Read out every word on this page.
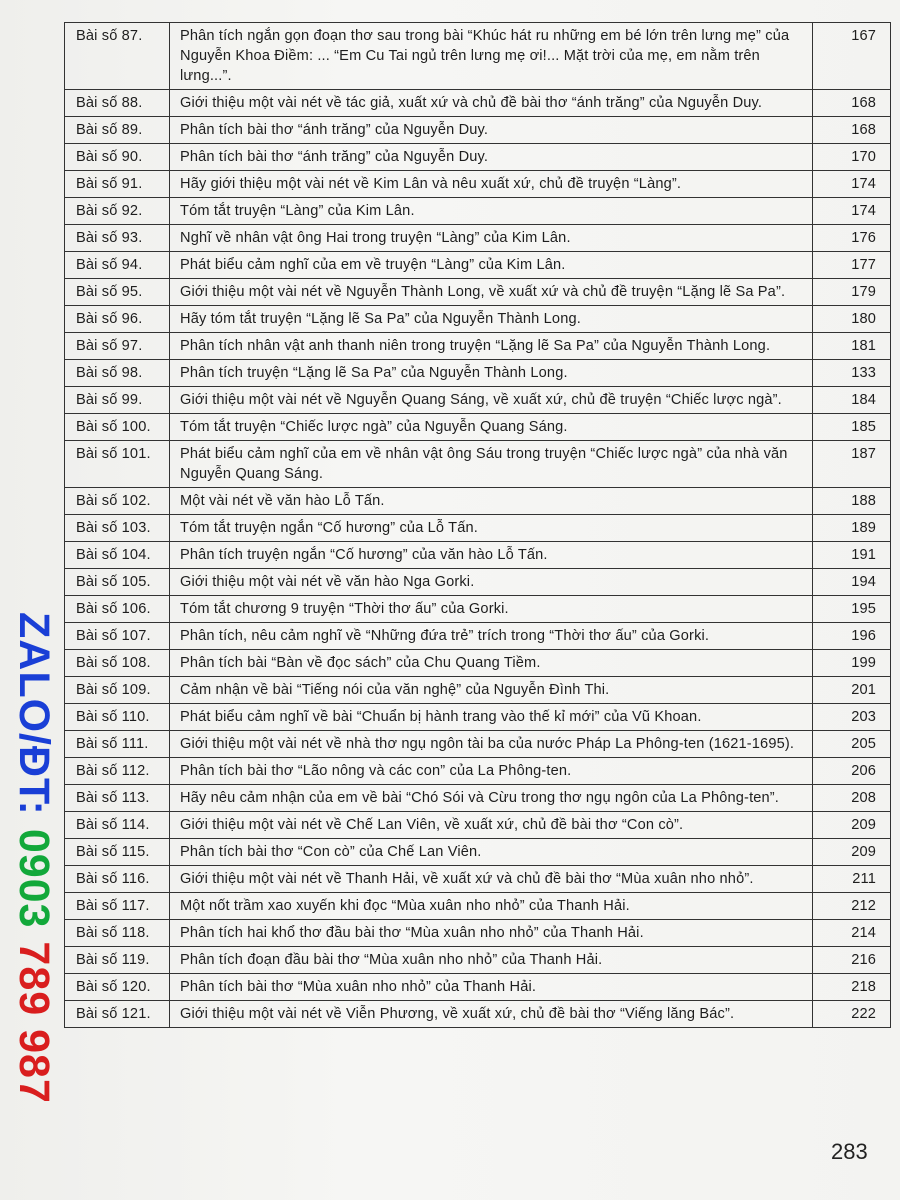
Bài số 87.	Phân tích ngắn gọn đoạn thơ sau trong bài “Khúc hát ru những em bé lớn trên lưng mẹ” của Nguyễn Khoa Điềm: ... “Em Cu Tai ngủ trên lưng mẹ ơi!... Mặt trời của mẹ, em nằm trên lưng...”.	167
Bài số 88.	Giới thiệu một vài nét về tác giả, xuất xứ và chủ đề bài thơ “ánh trăng” của Nguyễn Duy.	168
Bài số 89.	Phân tích bài thơ “ánh trăng” của Nguyễn Duy.	168
Bài số 90.	Phân tích bài thơ “ánh trăng” của Nguyễn Duy.	170
Bài số 91.	Hãy giới thiệu một vài nét về Kim Lân và nêu xuất xứ, chủ đề truyện “Làng”.	174
Bài số 92.	Tóm tắt truyện “Làng” của Kim Lân.	174
Bài số 93.	Nghĩ về nhân vật ông Hai trong truyện “Làng” của Kim Lân.	176
Bài số 94.	Phát biểu cảm nghĩ của em về truyện “Làng” của Kim Lân.	177
Bài số 95.	Giới thiệu một vài nét về Nguyễn Thành Long, về xuất xứ và chủ đề truyện “Lặng lẽ Sa Pa”.	179
Bài số 96.	Hãy tóm tắt truyện “Lặng lẽ Sa Pa” của Nguyễn Thành Long.	180
Bài số 97.	Phân tích nhân vật anh thanh niên trong truyện “Lặng lẽ Sa Pa” của Nguyễn Thành Long.	181
Bài số 98.	Phân tích truyện “Lặng lẽ Sa Pa” của Nguyễn Thành Long.	133
Bài số 99.	Giới thiệu một vài nét về Nguyễn Quang Sáng, về xuất xứ, chủ đề truyện “Chiếc lược ngà”.	184
Bài số 100.	Tóm tắt truyện “Chiếc lược ngà” của Nguyễn Quang Sáng.	185
Bài số 101.	Phát biểu cảm nghĩ của em về nhân vật ông Sáu trong truyện “Chiếc lược ngà” của nhà văn Nguyễn Quang Sáng.	187
Bài số 102.	Một vài nét về văn hào Lỗ Tấn.	188
Bài số 103.	Tóm tắt truyện ngắn “Cố hương” của Lỗ Tấn.	189
Bài số 104.	Phân tích truyện ngắn “Cố hương” của văn hào Lỗ Tấn.	191
Bài số 105.	Giới thiệu một vài nét về văn hào Nga Gorki.	194
Bài số 106.	Tóm tắt chương 9 truyện “Thời thơ ấu” của Gorki.	195
Bài số 107.	Phân tích, nêu cảm nghĩ về “Những đứa trẻ” trích trong “Thời thơ ấu” của Gorki.	196
Bài số 108.	Phân tích bài “Bàn về đọc sách” của Chu Quang Tiềm.	199
Bài số 109.	Cảm nhận về bài “Tiếng nói của văn nghệ” của Nguyễn Đình Thi.	201
Bài số 110.	Phát biểu cảm nghĩ về bài “Chuẩn bị hành trang vào thế kỉ mới” của Vũ Khoan.	203
Bài số 111.	Giới thiệu một vài nét về nhà thơ ngụ ngôn tài ba của nước Pháp La Phông-ten (1621-1695).	205
Bài số 112.	Phân tích bài thơ “Lão nông và các con” của La Phông-ten.	206
Bài số 113.	Hãy nêu cảm nhận của em về bài “Chó Sói và Cừu trong thơ ngụ ngôn của La Phông-ten”.	208
Bài số 114.	Giới thiệu một vài nét về Chế Lan Viên, về xuất xứ, chủ đề bài thơ “Con cò”.	209
Bài số 115.	Phân tích bài thơ “Con cò” của Chế Lan Viên.	209
Bài số 116.	Giới thiệu một vài nét về Thanh Hải, về xuất xứ và chủ đề bài thơ “Mùa xuân nho nhỏ”.	211
Bài số 117.	Một nốt trầm xao xuyến khi đọc “Mùa xuân nho nhỏ” của Thanh Hải.	212
Bài số 118.	Phân tích hai khổ thơ đầu bài thơ “Mùa xuân nho nhỏ” của Thanh Hải.	214
Bài số 119.	Phân tích đoạn đầu bài thơ “Mùa xuân nho nhỏ” của Thanh Hải.	216
Bài số 120.	Phân tích bài thơ “Mùa xuân nho nhỏ” của Thanh Hải.	218
Bài số 121.	Giới thiệu một vài nét về Viễn Phương, về xuất xứ, chủ đề bài thơ “Viếng lăng Bác”.	222
ZALO/ĐT: 0903 789 987
283
